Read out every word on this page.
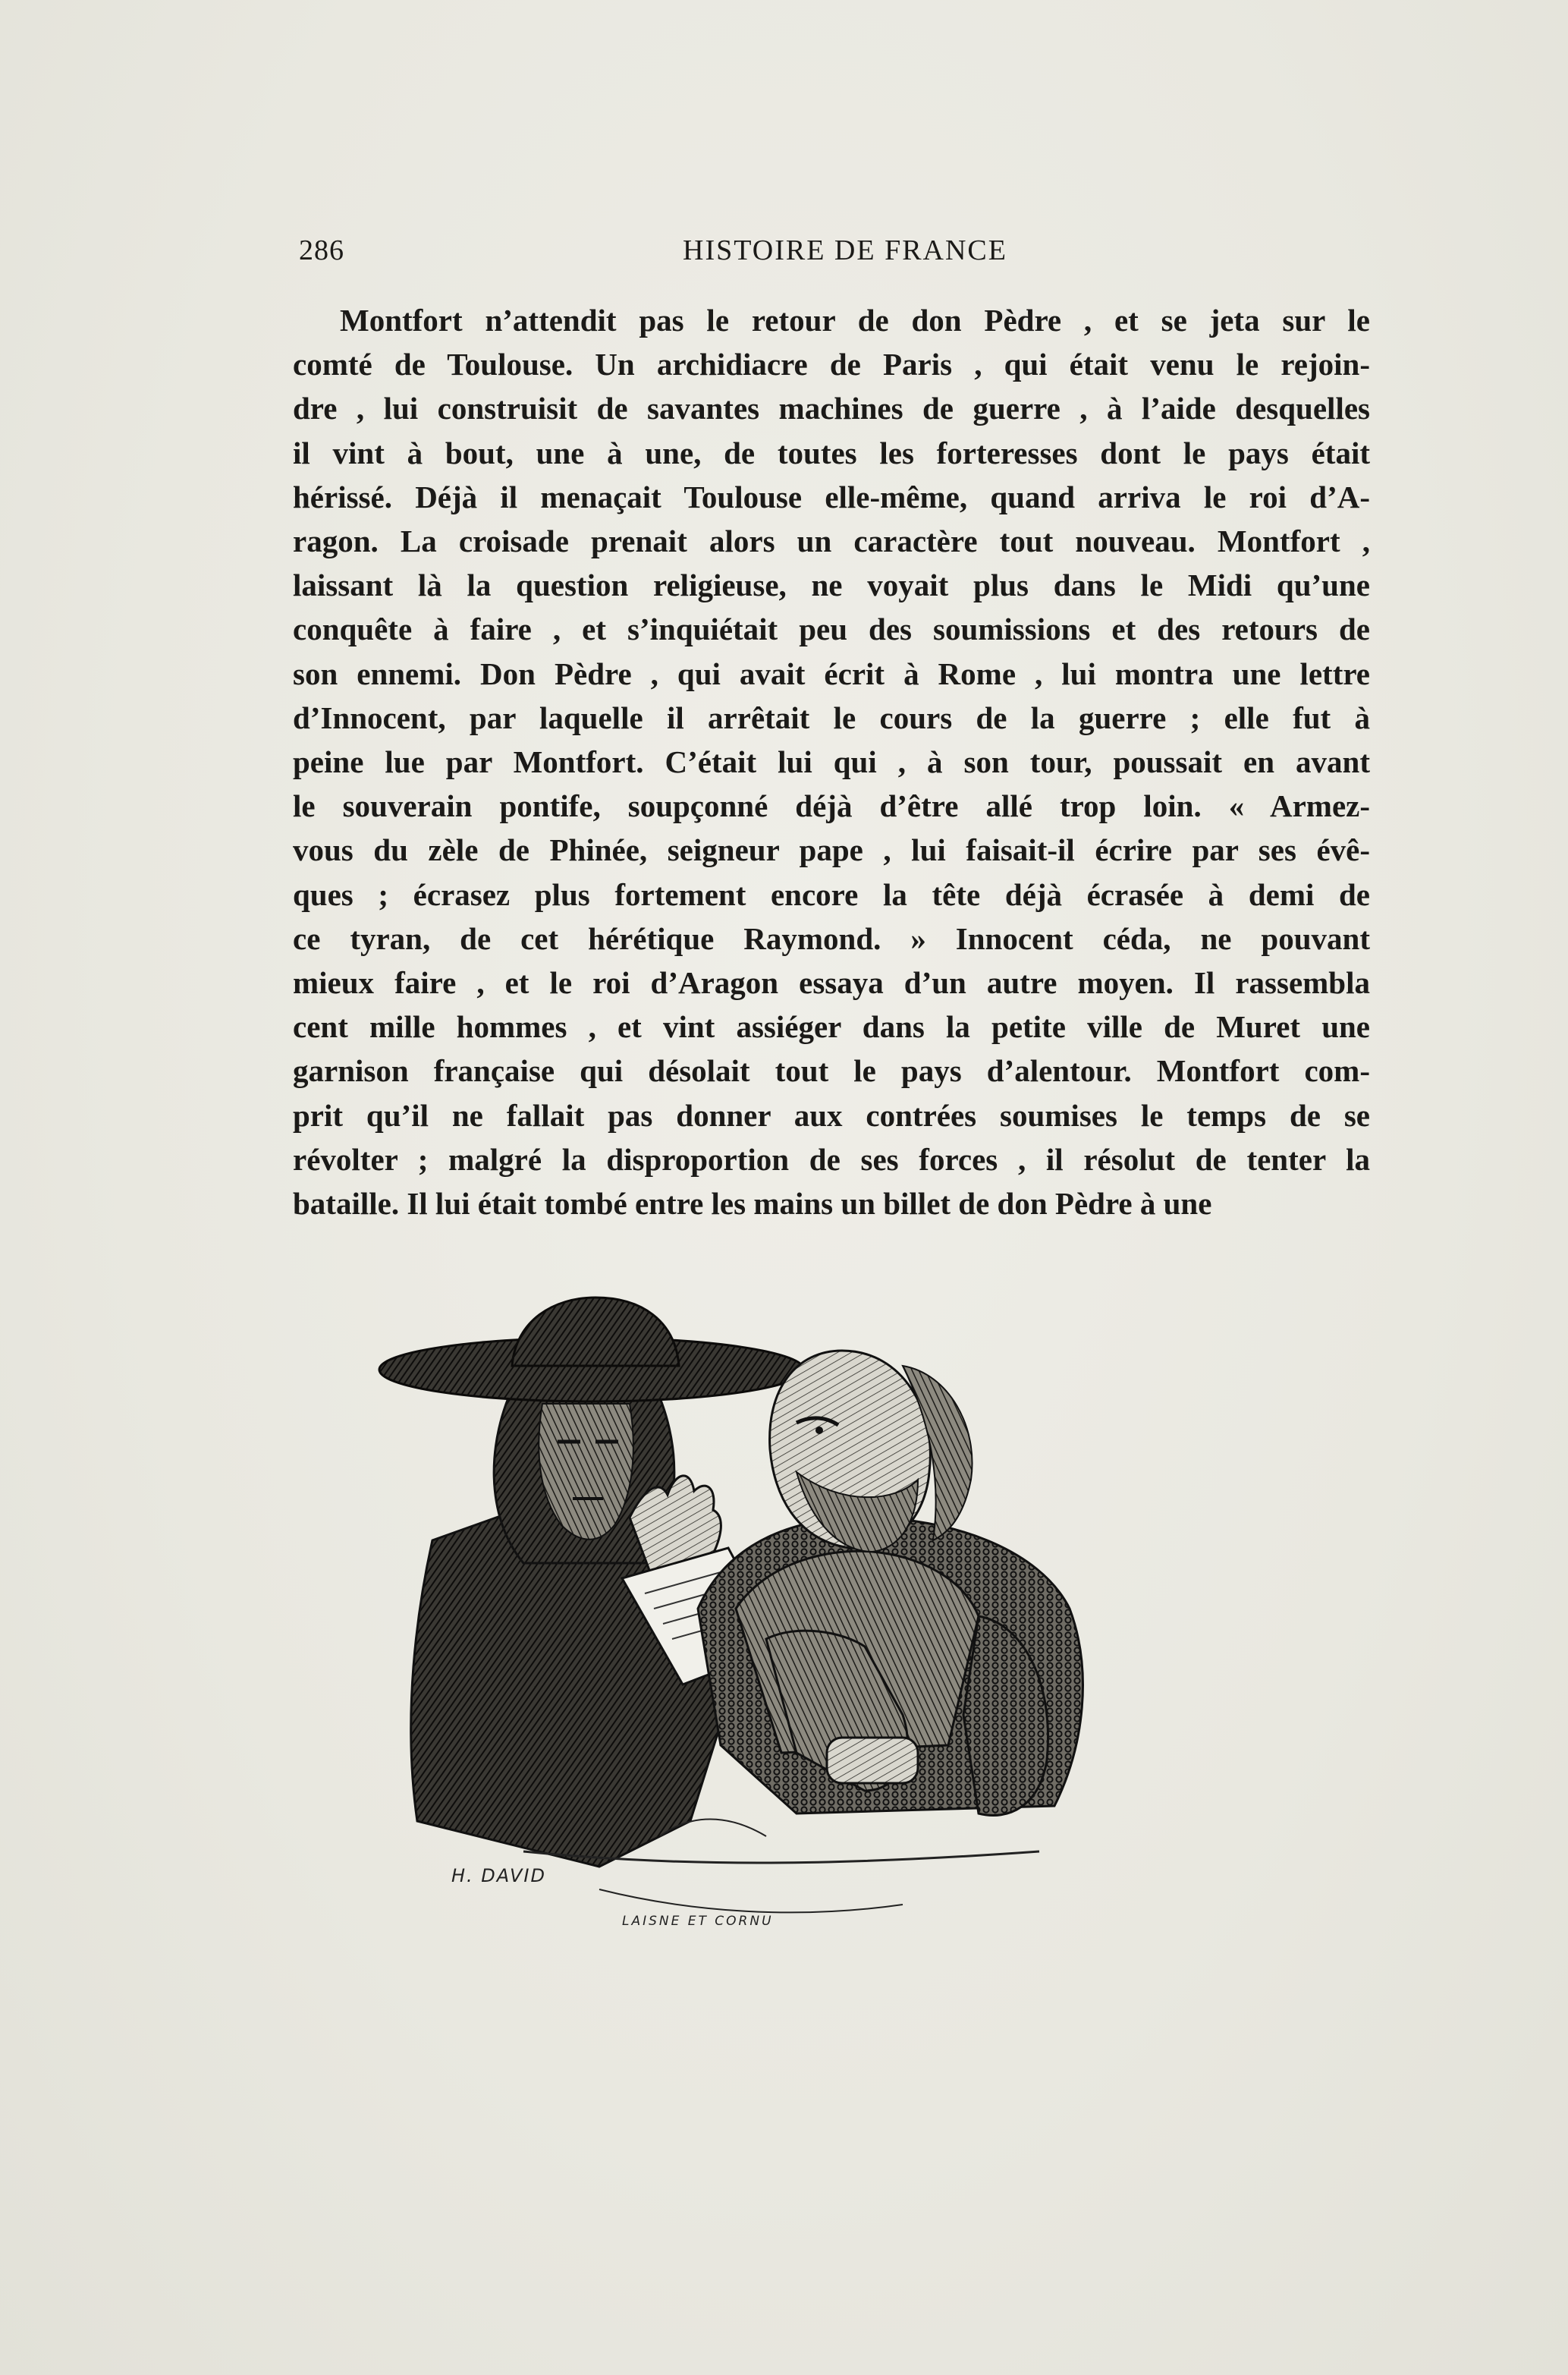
286	HISTOIRE DE FRANCE
Montfort n’attendit pas le retour de don Pèdre , et se jeta sur le
comté de Toulouse. Un archidiacre de Paris , qui était venu le rejoin-
dre , lui construisit de savantes machines de guerre , à l’aide desquelles
il vint à bout, une à une, de toutes les forteresses dont le pays était
hérissé. Déjà il menaçait Toulouse elle-même, quand arriva le roi d’A-
ragon. La croisade prenait alors un caractère tout nouveau. Montfort ,
laissant là la question religieuse, ne voyait plus dans le Midi qu’une
conquête à faire , et s’inquiétait peu des soumissions et des retours de
son ennemi. Don Pèdre , qui avait écrit à Rome , lui montra une lettre
d’Innocent, par laquelle il arrêtait le cours de la guerre ; elle fut à
peine lue par Montfort. C’était lui qui , à son tour, poussait en avant
le souverain pontife, soupçonné déjà d’être allé trop loin. « Armez-
vous du zèle de Phinée, seigneur pape , lui faisait-il écrire par ses évê-
ques ; écrasez plus fortement encore la tête déjà écrasée à demi de
ce tyran, de cet hérétique Raymond. » Innocent céda, ne pouvant
mieux faire , et le roi d’Aragon essaya d’un autre moyen. Il rassembla
cent mille hommes , et vint assiéger dans la petite ville de Muret une
garnison française qui désolait tout le pays d’alentour. Montfort com-
prit qu’il ne fallait pas donner aux contrées soumises le temps de se
révolter ; malgré la disproportion de ses forces , il résolut de tenter la
bataille. Il lui était tombé entre les mains un billet de don Pèdre à une
H. DAVID
LAISNE ET CORNU
